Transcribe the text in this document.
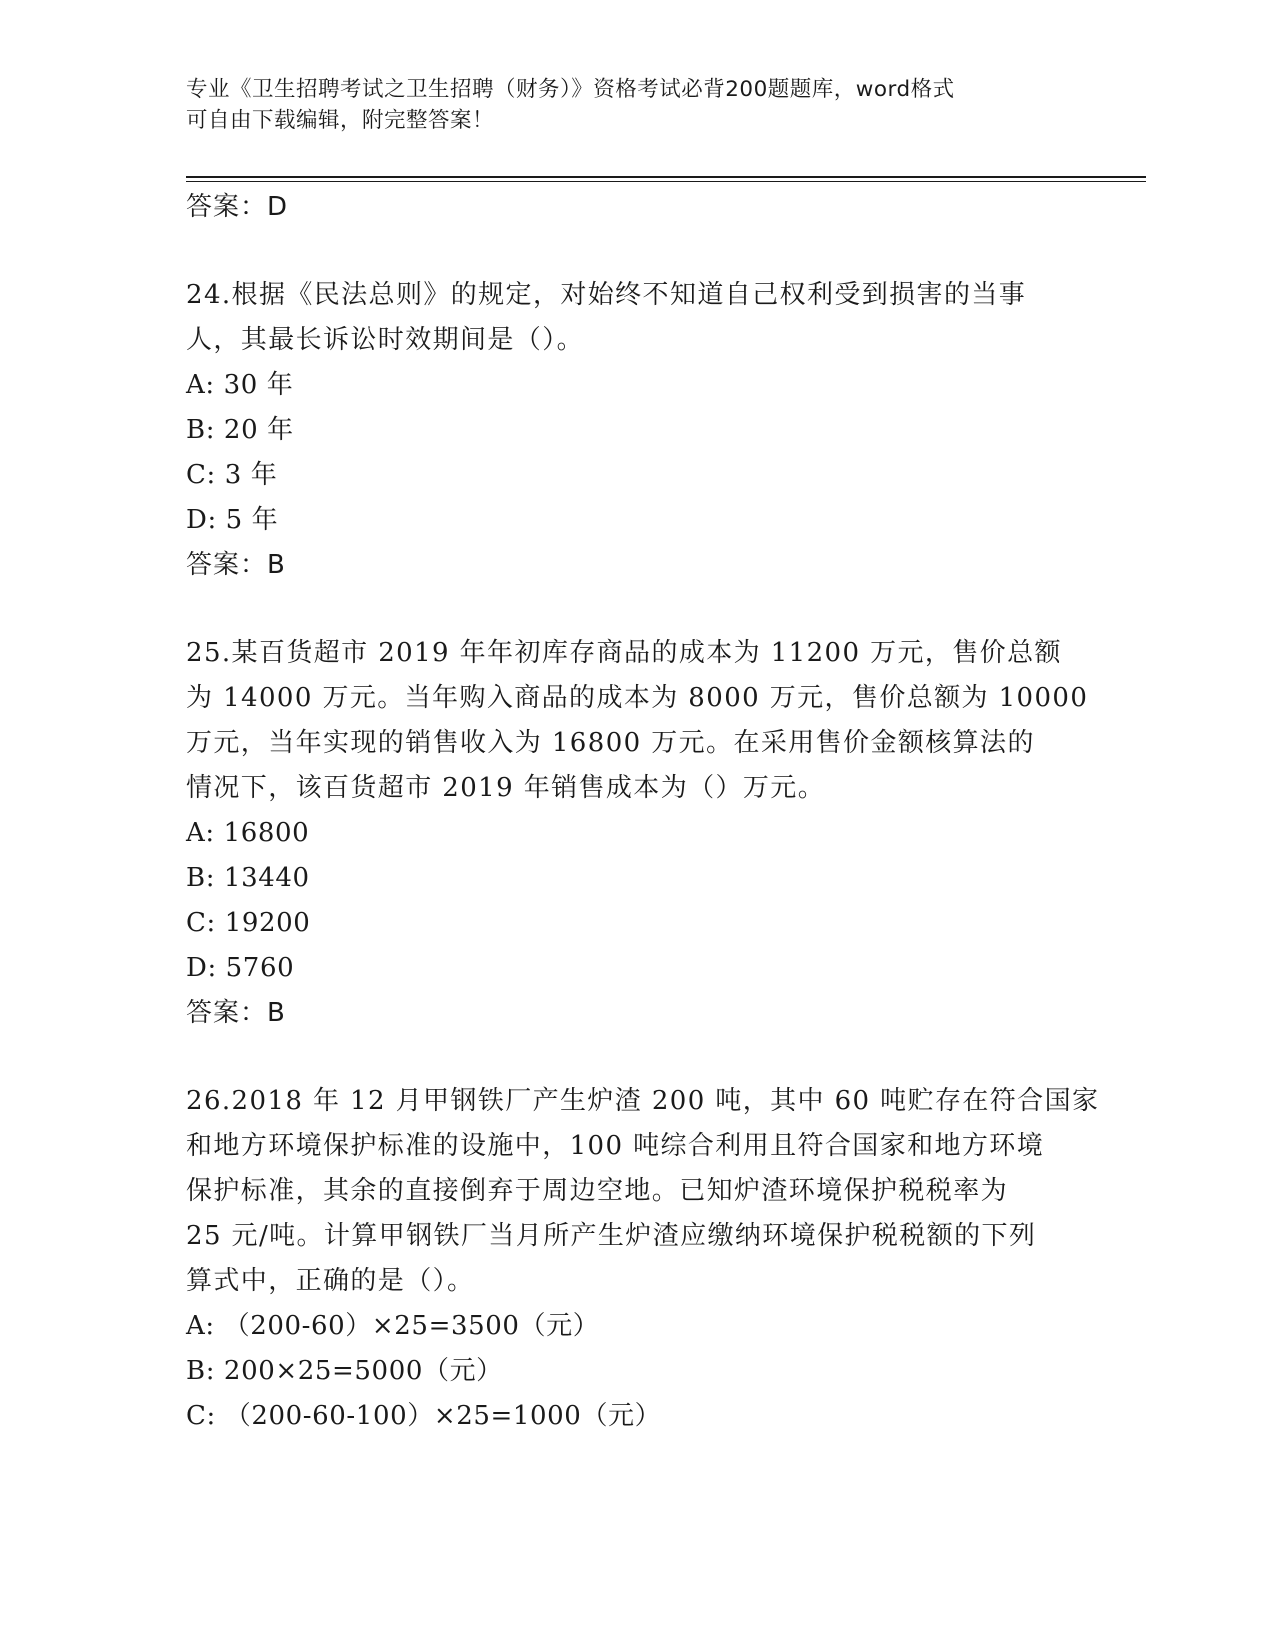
专业《卫生招聘考试之卫生招聘（财务）》资格考试必背200题题库，word格式
可自由下载编辑，附完整答案！
答案：D
24.根据《民法总则》的规定，对始终不知道自己权利受到损害的当事
人，其最长诉讼时效期间是（）。
A: 30 年
B: 20 年
C: 3 年
D: 5 年
答案：B
25.某百货超市 2019 年年初库存商品的成本为 11200 万元，售价总额
为 14000 万元。当年购入商品的成本为 8000 万元，售价总额为 10000
万元，当年实现的销售收入为 16800 万元。在采用售价金额核算法的
情况下，该百货超市 2019 年销售成本为（）万元。
A: 16800
B: 13440
C: 19200
D: 5760
答案：B
26.2018 年 12 月甲钢铁厂产生炉渣 200 吨，其中 60 吨贮存在符合国家
和地方环境保护标准的设施中，100 吨综合利用且符合国家和地方环境
保护标准，其余的直接倒弃于周边空地。已知炉渣环境保护税税率为
25 元/吨。计算甲钢铁厂当月所产生炉渣应缴纳环境保护税税额的下列
算式中，正确的是（）。
A: （200-60）×25=3500（元）
B: 200×25=5000（元）
C: （200-60-100）×25=1000（元）
